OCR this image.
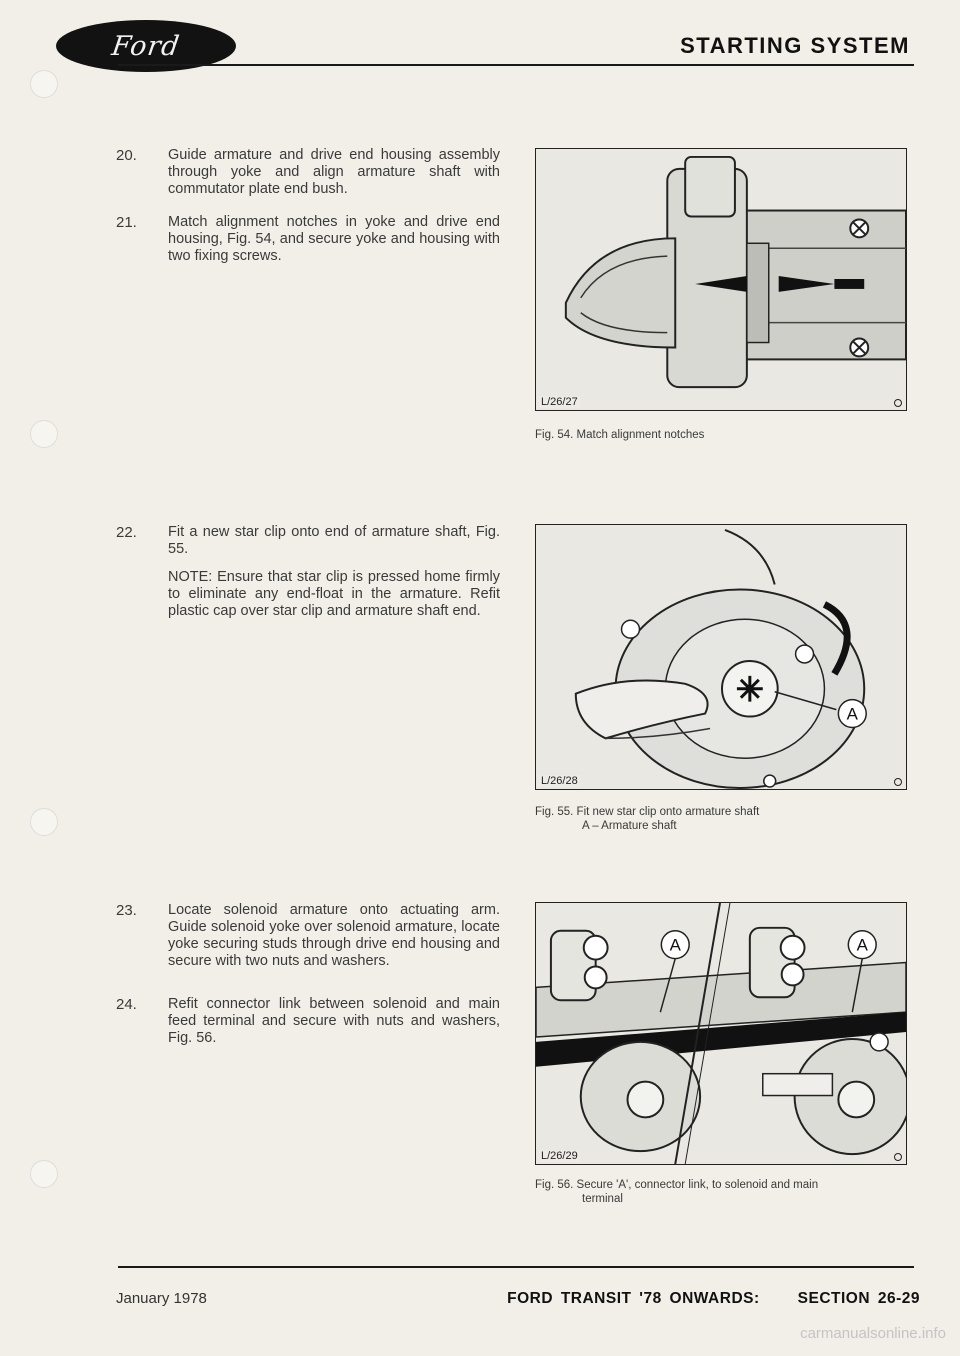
Ford	STARTING SYSTEM
20.	Guide armature and drive end housing assembly through yoke and align armature shaft with commutator plate end bush.

21.	Match alignment notches in yoke and drive end housing, Fig. 54, and secure yoke and housing with two fixing screws.

22.	Fit a new star clip onto end of armature shaft, Fig. 55.

NOTE: Ensure that star clip is pressed home firmly to eliminate any end-float in the armature. Refit plastic cap over star clip and armature shaft end.

23.	Locate solenoid armature onto actuating arm. Guide solenoid yoke over solenoid armature, locate yoke securing studs through drive end housing and secure with two nuts and washers.

24.	Refit connector link between solenoid and main feed terminal and secure with nuts and washers, Fig. 56.

L/26/27
Fig. 54. Match alignment notches
A
L/26/28
Fig. 55. Fit new star clip onto armature shaft
A – Armature shaft
A	A
L/26/29
Fig. 56. Secure 'A', connector link, to solenoid and main
terminal
January 1978	FORD TRANSIT '78 ONWARDS: SECTION 26-29
carmanualsonline.info
